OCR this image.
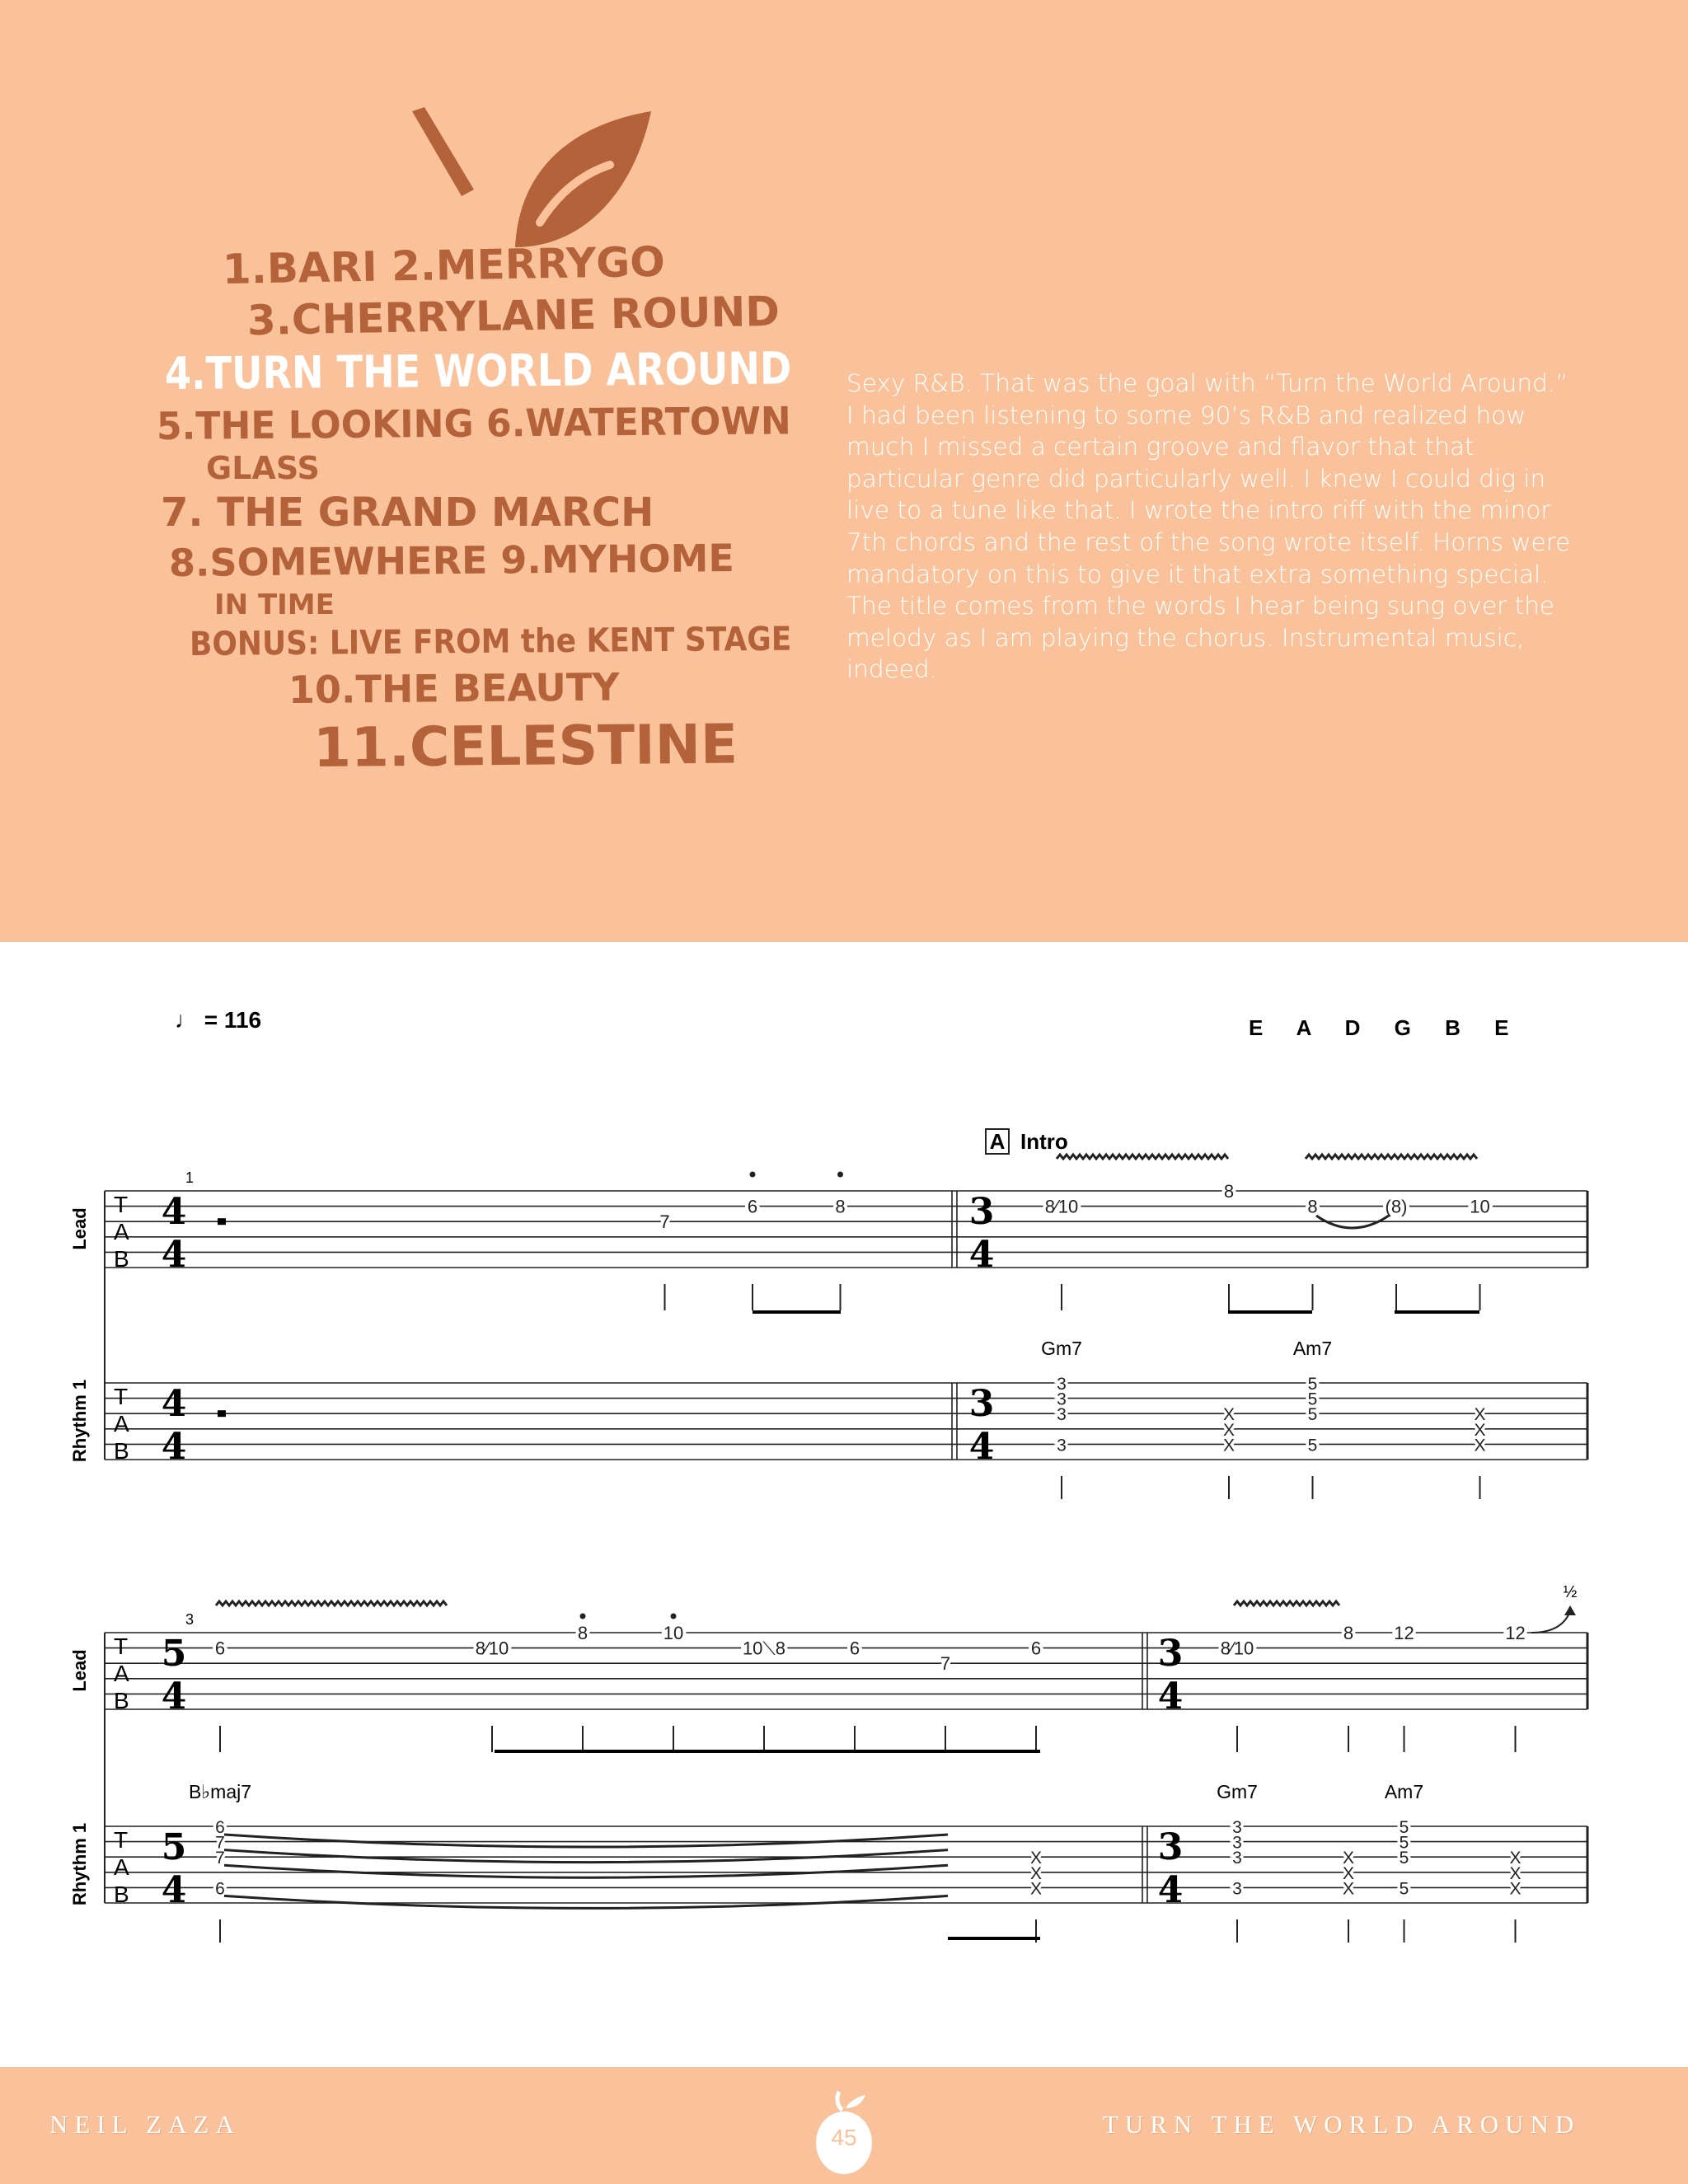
1.BARI 2.MERRYGO
3.CHERRYLANE ROUND
4.TURN THE WORLD AROUND
5.THE LOOKING 6.WATERTOWN
GLASS
7. THE GRAND MARCH
8.SOMEWHERE 9.MYHOME
IN TIME
BONUS: LIVE FROM the KENT STAGE
10.THE BEAUTY
11.CELESTINE
Sexy R&B. That was the goal with “Turn the World Around.” I had been listening to some 90’s R&B and realized how much I missed a certain groove and flavor that that particular genre did particularly well. I knew I could dig in live to a tune like that. I wrote the intro riff with the minor 7th chords and the rest of the song wrote itself. Horns were mandatory on this to give it that extra something special. The title comes from the words I hear being sung over the melody as I am playing the chorus. Instrumental music, indeed.
♩ = 116	E A D G B E
T
A
B
Lead 4
4
7
6	8	3
4
8⁄10
8
8	(8)	10
T
A
B
Rhythm 1 4
4
3
4
3
3
3
3
X
X
X
5
5
5
5
X
X
X
Gm7	Am7
1
T
A
B
Lead 5
4
6	8⁄10
8	10
10⟍8	6
7
6	3
4
8⁄10
8 12	12
T
A
B
Rhythm 1 5
4
6
7
7
6
X
X
X
B♭maj7
3
4
3
3
3
3
X
X
X
5
5
5
5
X
X
X
Gm7	Am7
3
A Intro
½
NEIL ZAZA	45	TURN THE WORLD AROUND
